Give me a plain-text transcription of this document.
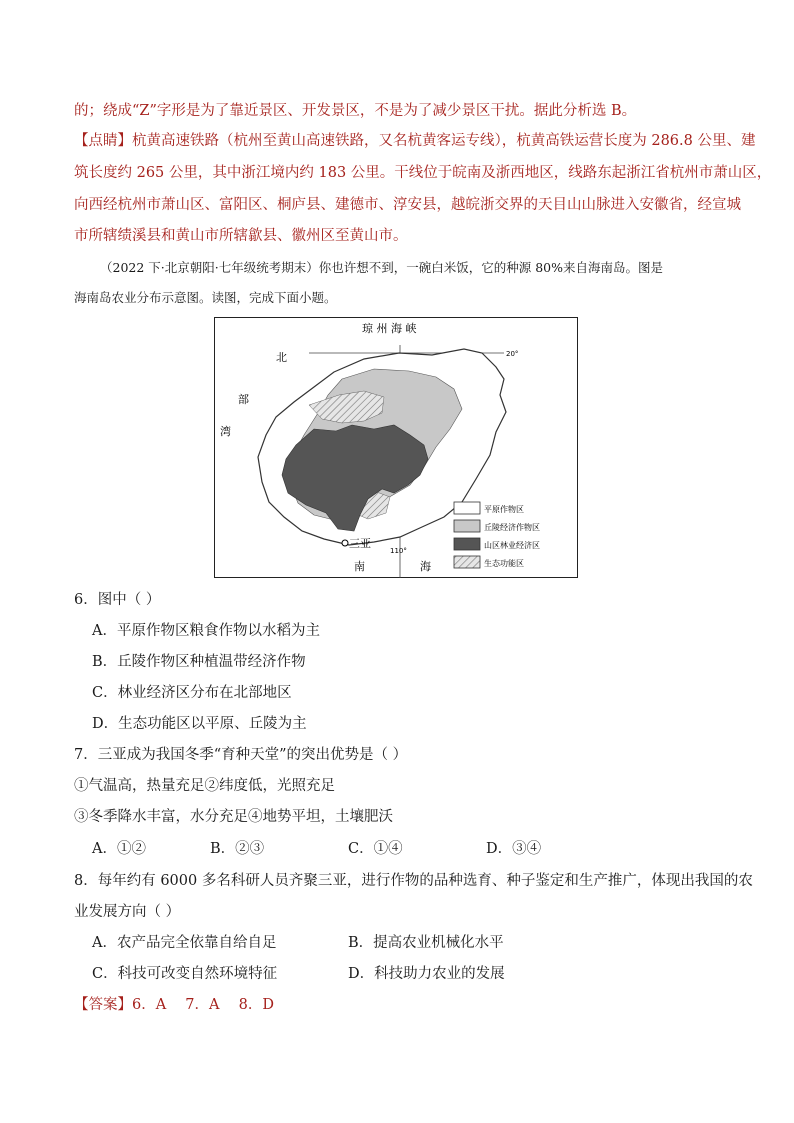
的；绕成“Z”字形是为了靠近景区、开发景区，不是为了减少景区干扰。据此分析选 B。
【点睛】杭黄高速铁路（杭州至黄山高速铁路，又名杭黄客运专线），杭黄高铁运营长度为 286.8 公里、建
筑长度约 265 公里，其中浙江境内约 183 公里。干线位于皖南及浙西地区，线路东起浙江省杭州市萧山区，
向西经杭州市萧山区、富阳区、桐庐县、建德市、淳安县，越皖浙交界的天目山山脉进入安徽省，经宣城
市所辖绩溪县和黄山市所辖歙县、徽州区至黄山市。
（2022 下·北京朝阳·七年级统考期末）你也许想不到，一碗白米饭，它的种源 80%来自海南岛。图是
海南岛农业分布示意图。读图，完成下面小题。
琼 州 海 峡
北
部
湾
20°
110°
三亚
南	海
平原作物区
丘陵经济作物区
山区林业经济区
生态功能区
6．图中（ ）
A．平原作物区粮食作物以水稻为主
B．丘陵作物区种植温带经济作物
C．林业经济区分布在北部地区
D．生态功能区以平原、丘陵为主
7．三亚成为我国冬季“育种天堂”的突出优势是（ ）
①气温高，热量充足②纬度低，光照充足
③冬季降水丰富，水分充足④地势平坦，土壤肥沃
A．①②	B．②③	C．①④	D．③④
8．每年约有 6000 多名科研人员齐聚三亚，进行作物的品种选育、种子鉴定和生产推广，体现出我国的农
业发展方向（ ）
A．农产品完全依靠自给自足	B．提高农业机械化水平
C．科技可改变自然环境特征	D．科技助力农业的发展
【答案】6．A　 7．A　 8．D
